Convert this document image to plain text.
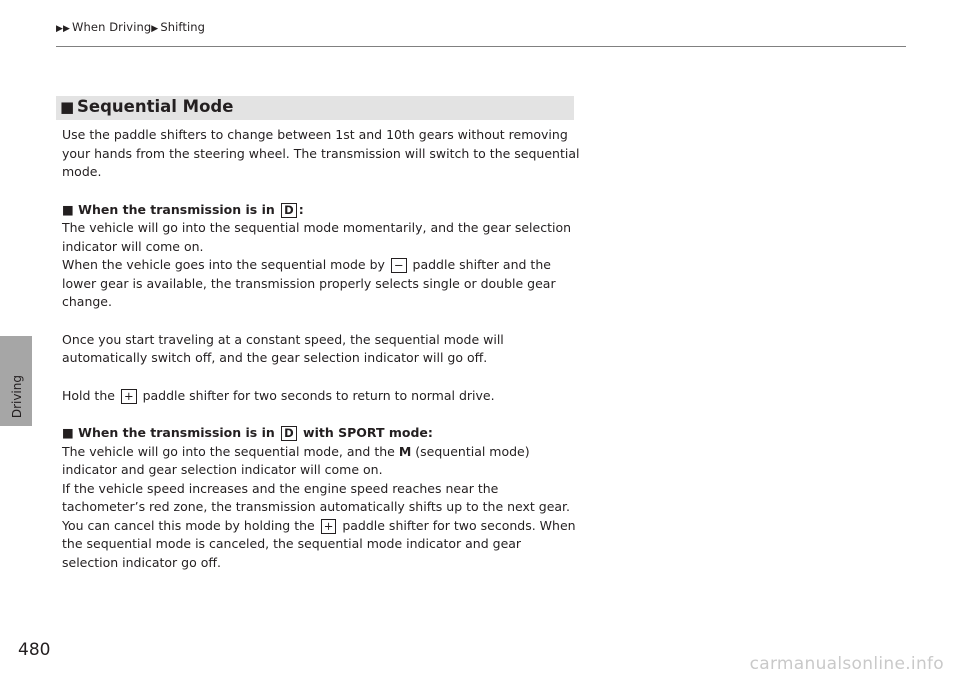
▶▶ When Driving▶ Shifting
Driving
■ Sequential Mode

Use the paddle shifters to change between 1st and 10th gears without removing your hands from the steering wheel. The transmission will switch to the sequential mode.

■ When the transmission is in D :

The vehicle will go into the sequential mode momentarily, and the gear selection indicator will come on.

When the vehicle goes into the sequential mode by − paddle shifter and the lower gear is available, the transmission properly selects single or double gear change.

Once you start traveling at a constant speed, the sequential mode will automatically switch off, and the gear selection indicator will go off.

Hold the + paddle shifter for two seconds to return to normal drive.

■ When the transmission is in D with SPORT mode:

The vehicle will go into the sequential mode, and the M (sequential mode) indicator and gear selection indicator will come on.

If the vehicle speed increases and the engine speed reaches near the tachometer’s red zone, the transmission automatically shifts up to the next gear.

You can cancel this mode by holding the + paddle shifter for two seconds. When the sequential mode is canceled, the sequential mode indicator and gear selection indicator go off.

480
carmanualsonline.info
